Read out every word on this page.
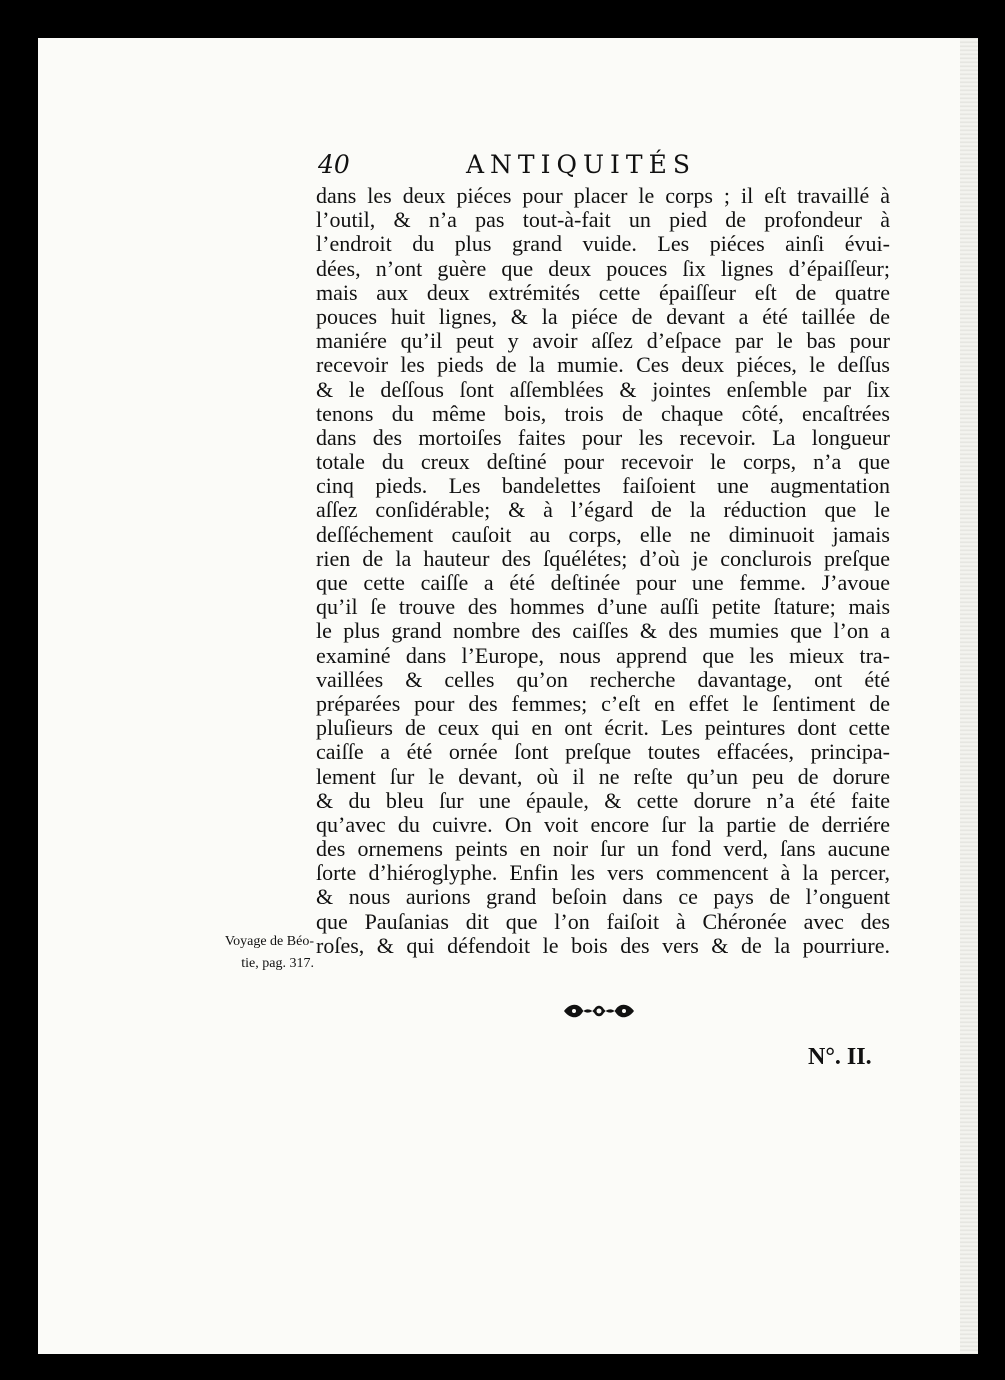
40	ANTIQUITÉS
dans les deux piéces pour placer le corps ; il eſt travaillé à
l’outil, & n’a pas tout-à-fait un pied de profondeur à
l’endroit du plus grand vuide. Les piéces ainſi évui-
dées, n’ont guère que deux pouces ſix lignes d’épaiſſeur;
mais aux deux extrémités cette épaiſſeur eſt de quatre
pouces huit lignes, & la piéce de devant a été taillée de
maniére qu’il peut y avoir aſſez d’eſpace par le bas pour
recevoir les pieds de la mumie. Ces deux piéces, le deſſus
& le deſſous ſont aſſemblées & jointes enſemble par ſix
tenons du même bois, trois de chaque côté, encaſtrées
dans des mortoiſes faites pour les recevoir. La longueur
totale du creux deſtiné pour recevoir le corps, n’a que
cinq pieds. Les bandelettes faiſoient une augmentation
aſſez conſidérable; & à l’égard de la réduction que le
deſſéchement cauſoit au corps, elle ne diminuoit jamais
rien de la hauteur des ſquélétes; d’où je conclurois preſque
que cette caiſſe a été deſtinée pour une femme. J’avoue
qu’il ſe trouve des hommes d’une auſſi petite ſtature; mais
le plus grand nombre des caiſſes & des mumies que l’on a
examiné dans l’Europe, nous apprend que les mieux tra-
vaillées & celles qu’on recherche davantage, ont été
préparées pour des femmes; c’eſt en effet le ſentiment de
pluſieurs de ceux qui en ont écrit. Les peintures dont cette
caiſſe a été ornée ſont preſque toutes effacées, principa-
lement ſur le devant, où il ne reſte qu’un peu de dorure
& du bleu ſur une épaule, & cette dorure n’a été faite
qu’avec du cuivre. On voit encore ſur la partie de derriére
des ornemens peints en noir ſur un fond verd, ſans aucune
ſorte d’hiéroglyphe. Enfin les vers commencent à la percer,
& nous aurions grand beſoin dans ce pays de l’onguent
que Pauſanias dit que l’on faiſoit à Chéronée avec des
roſes, & qui défendoit le bois des vers & de la pourriure.
Voyage de Béo-
tie, pag. 317.
N°. II.
